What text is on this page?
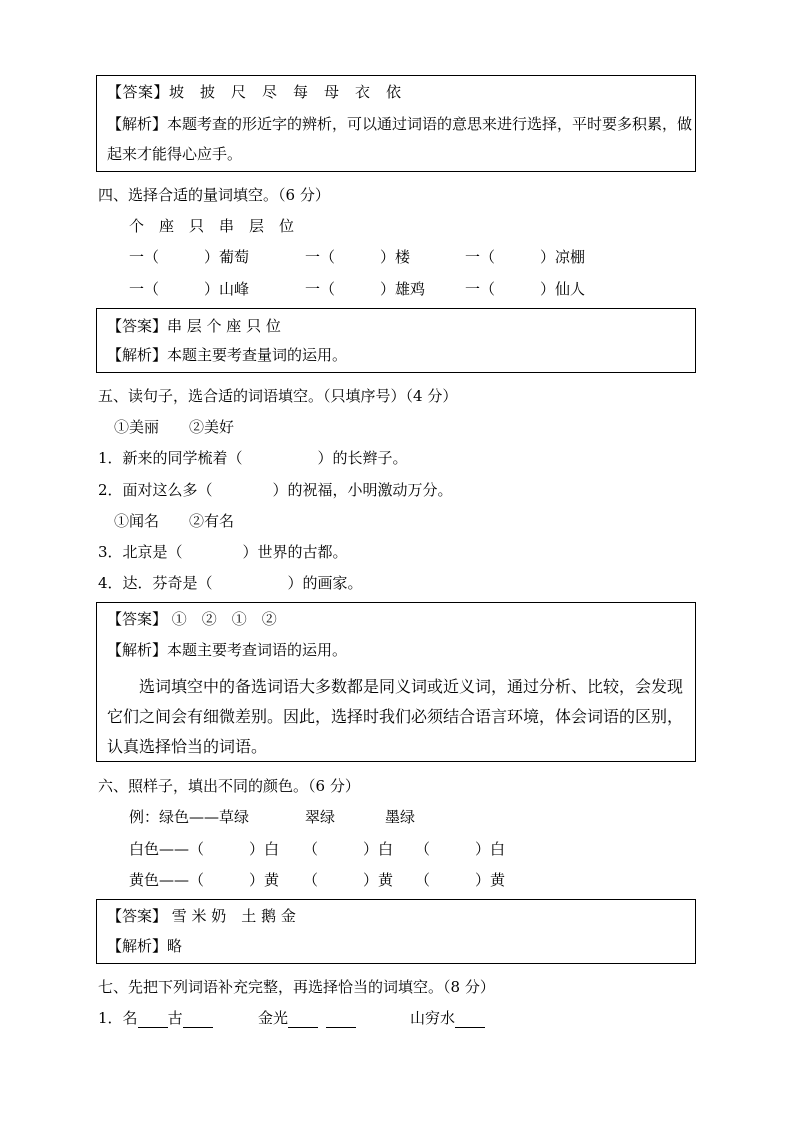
【答案】坡　披　尺　尽　每　母　衣　依
【解析】本题考查的形近字的辨析，可以通过词语的意思来进行选择，平时要多积累，做
起来才能得心应手。
四、选择合适的量词填空。（6 分）
个　座　只　串　层　位
一（　　　）葡萄	一（　　　）楼	一（　　　）凉棚
一（　　　）山峰	一（　　　）雄鸡	一（　　　）仙人
【答案】串 层 个 座 只 位
【解析】本题主要考查量词的运用。
五、读句子，选合适的词语填空。（只填序号）（4 分）
①美丽　　②美好
1．新来的同学梳着（　　　　　）的长辫子。
2．面对这么多（　　　　）的祝福，小明激动万分。
①闻名　　②有名
3．北京是（　　　　）世界的古都。
4．达．芬奇是（　　　　　）的画家。
【答案】 ①　②　①　②
【解析】本题主要考查词语的运用。
选词填空中的备选词语大多数都是同义词或近义词，通过分析、比较，会发现
它们之间会有细微差别。因此，选择时我们必须结合语言环境，体会词语的区别，
认真选择恰当的词语。
六、照样子，填出不同的颜色。（6 分）
例：绿色——草绿	翠绿	墨绿
白色——（　　　）白 （　　　）白 （　　　）白
黄色——（　　　）黄 （　　　）黄 （　　　）黄
【答案】 雪 米 奶　土 鹅 金
【解析】略
七、先把下列词语补充完整，再选择恰当的词填空。（8 分）
1．名 古	金光	山穷水
